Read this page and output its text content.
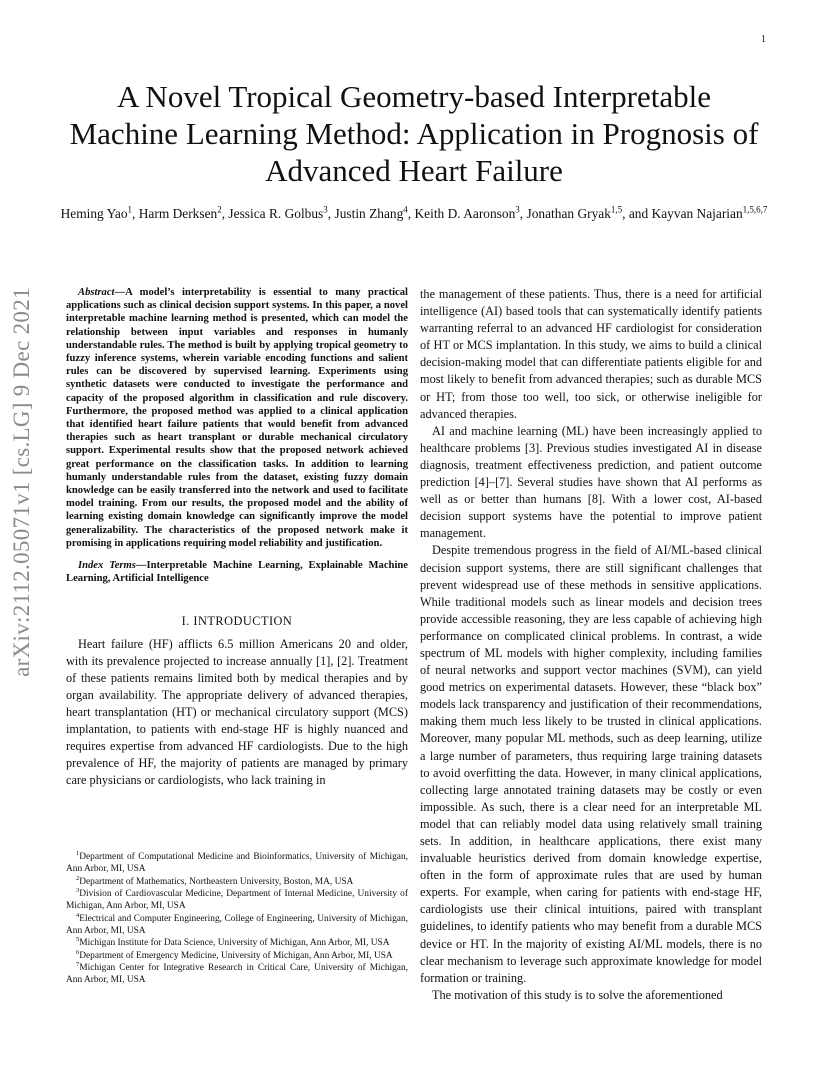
1
arXiv:2112.05071v1 [cs.LG] 9 Dec 2021
A Novel Tropical Geometry-based Interpretable Machine Learning Method: Application in Prognosis of Advanced Heart Failure
Heming Yao$^1$, Harm Derksen$^2$, Jessica R. Golbus$^3$, Justin Zhang$^4$, Keith D. Aaronson$^3$, Jonathan Gryak$^{1,5}$, and Kayvan Najarian$^{1,5,6,7}$

Abstract—A model’s interpretability is essential to many practical applications such as clinical decision support systems. In this paper, a novel interpretable machine learning method is presented, which can model the relationship between input variables and responses in humanly understandable rules. The method is built by applying tropical geometry to fuzzy inference systems, wherein variable encoding functions and salient rules can be discovered by supervised learning. Experiments using synthetic datasets were conducted to investigate the performance and capacity of the proposed algorithm in classification and rule discovery. Furthermore, the proposed method was applied to a clinical application that identified heart failure patients that would benefit from advanced therapies such as heart transplant or durable mechanical circulatory support. Experimental results show that the proposed network achieved great performance on the classification tasks. In addition to learning humanly understandable rules from the dataset, existing fuzzy domain knowledge can be easily transferred into the network and used to facilitate model training. From our results, the proposed model and the ability of learning existing domain knowledge can significantly improve the model generalizability. The characteristics of the proposed network make it promising in applications requiring model reliability and justification.

Index Terms—Interpretable Machine Learning, Explainable Machine Learning, Artificial Intelligence

I. INTRODUCTION

Heart failure (HF) afflicts 6.5 million Americans 20 and older, with its prevalence projected to increase annually [1], [2]. Treatment of these patients remains limited both by medical therapies and by organ availability. The appropriate delivery of advanced therapies, heart transplantation (HT) or mechanical circulatory support (MCS) implantation, to patients with end-stage HF is highly nuanced and requires expertise from advanced HF cardiologists. Due to the high prevalence of HF, the majority of patients are managed by primary care physicians or cardiologists, who lack training in

$^1$Department of Computational Medicine and Bioinformatics, University of Michigan, Ann Arbor, MI, USA

$^2$Department of Mathematics, Northeastern University, Boston, MA, USA

$^3$Division of Cardiovascular Medicine, Department of Internal Medicine, University of Michigan, Ann Arbor, MI, USA

$^4$Electrical and Computer Engineering, College of Engineering, University of Michigan, Ann Arbor, MI, USA

$^5$Michigan Institute for Data Science, University of Michigan, Ann Arbor, MI, USA

$^6$Department of Emergency Medicine, University of Michigan, Ann Arbor, MI, USA

$^7$Michigan Center for Integrative Research in Critical Care, University of Michigan, Ann Arbor, MI, USA

the management of these patients. Thus, there is a need for artificial intelligence (AI) based tools that can systematically identify patients warranting referral to an advanced HF cardiologist for consideration of HT or MCS implantation. In this study, we aims to build a clinical decision-making model that can differentiate patients eligible for and most likely to benefit from advanced therapies; such as durable MCS or HT; from those too well, too sick, or otherwise ineligible for advanced therapies.

AI and machine learning (ML) have been increasingly applied to healthcare problems [3]. Previous studies investigated AI in disease diagnosis, treatment effectiveness prediction, and patient outcome prediction [4]–[7]. Several studies have shown that AI performs as well as or better than humans [8]. With a lower cost, AI-based decision support systems have the potential to improve patient management.

Despite tremendous progress in the field of AI/ML-based clinical decision support systems, there are still significant challenges that prevent widespread use of these methods in sensitive applications. While traditional models such as linear models and decision trees provide accessible reasoning, they are less capable of achieving high performance on complicated clinical problems. In contrast, a wide spectrum of ML models with higher complexity, including families of neural networks and support vector machines (SVM), can yield good metrics on experimental datasets. However, these “black box” models lack transparency and justification of their recommendations, making them much less likely to be trusted in clinical applications. Moreover, many popular ML methods, such as deep learning, utilize a large number of parameters, thus requiring large training datasets to avoid overfitting the data. However, in many clinical applications, collecting large annotated training datasets may be costly or even impossible. As such, there is a clear need for an interpretable ML model that can reliably model data using relatively small training sets. In addition, in healthcare applications, there exist many invaluable heuristics derived from domain knowledge expertise, often in the form of approximate rules that are used by human experts. For example, when caring for patients with end-stage HF, cardiologists use their clinical intuitions, paired with transplant guidelines, to identify patients who may benefit from a durable MCS device or HT. In the majority of existing AI/ML models, there is no clear mechanism to leverage such approximate knowledge for model formation or training.

The motivation of this study is to solve the aforementioned
